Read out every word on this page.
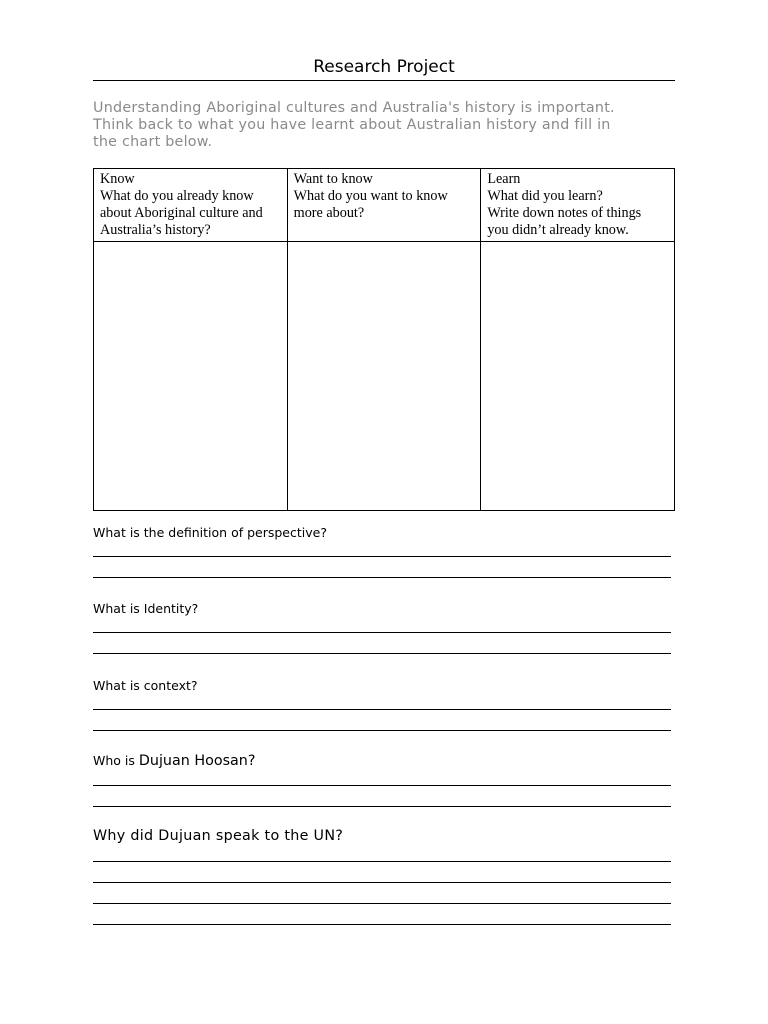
Research Project
Understanding Aboriginal cultures and Australia's history is important.
Think back to what you have learnt about Australian history and fill in
the chart below.
Know
What do you already know
about Aboriginal culture and
Australia’s history?	Want to know
What do you want to know
more about?	Learn
What did you learn?
Write down notes of things
you didn’t already know.

What is the definition of perspective?
What is Identity?
What is context?
Who is Dujuan Hoosan?
Why did Dujuan speak to the UN?
